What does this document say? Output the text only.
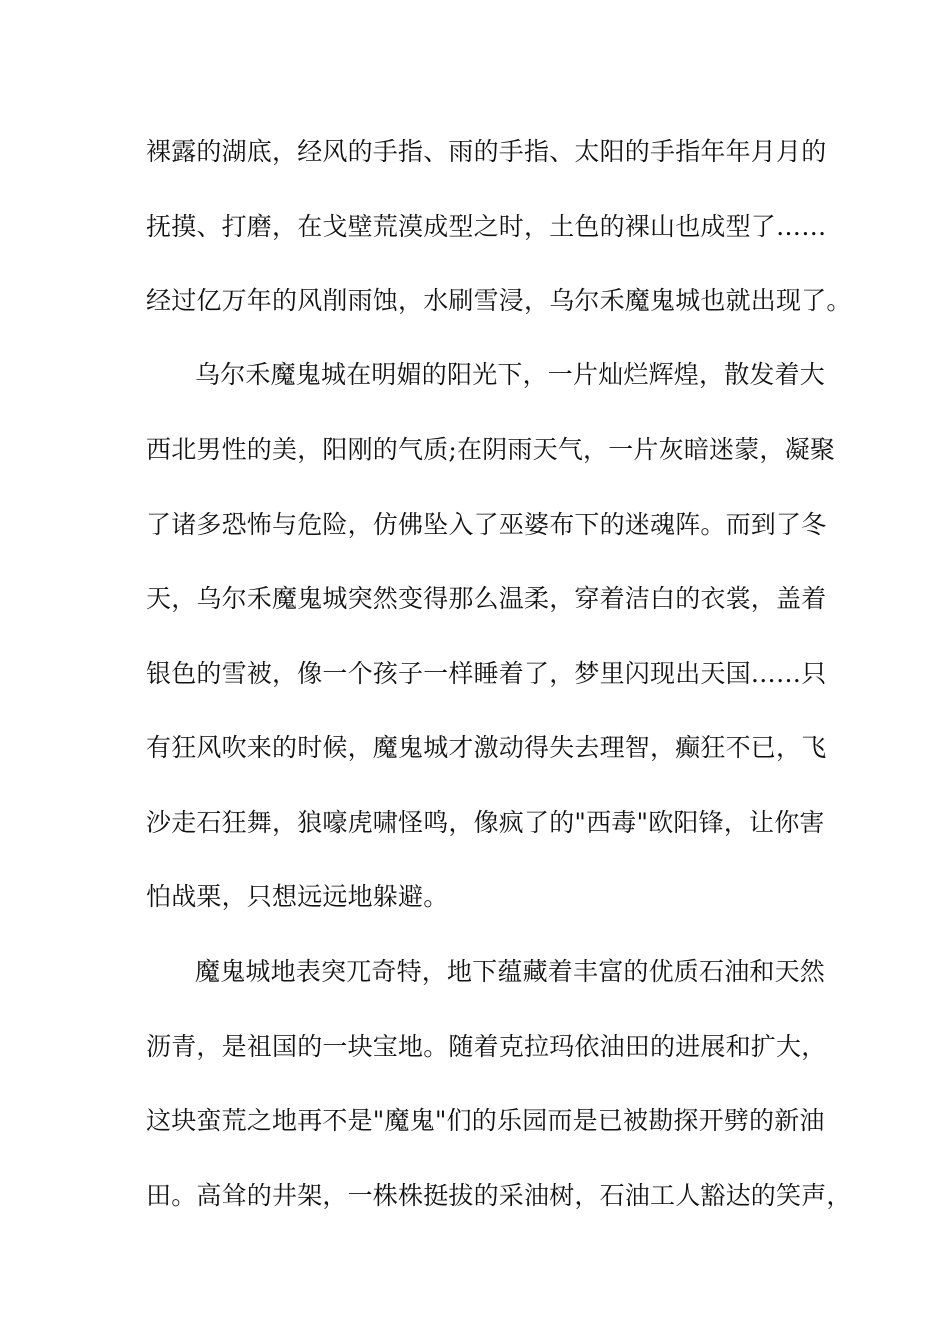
裸露的湖底，经风的手指、雨的手指、太阳的手指年年月月的

抚摸、打磨，在戈壁荒漠成型之时，土色的裸山也成型了……

经过亿万年的风削雨蚀，水刷雪浸，乌尔禾魔鬼城也就出现了。

乌尔禾魔鬼城在明媚的阳光下，一片灿烂辉煌，散发着大

西北男性的美，阳刚的气质;在阴雨天气，一片灰暗迷蒙，凝聚

了诸多恐怖与危险，仿佛坠入了巫婆布下的迷魂阵。而到了冬

天，乌尔禾魔鬼城突然变得那么温柔，穿着洁白的衣裳，盖着

银色的雪被，像一个孩子一样睡着了，梦里闪现出天国……只

有狂风吹来的时候，魔鬼城才激动得失去理智，癫狂不已，飞

沙走石狂舞，狼嚎虎啸怪鸣，像疯了的"西毒"欧阳锋，让你害

怕战栗，只想远远地躲避。

魔鬼城地表突兀奇特，地下蕴藏着丰富的优质石油和天然

沥青，是祖国的一块宝地。随着克拉玛依油田的进展和扩大，

这块蛮荒之地再不是"魔鬼"们的乐园而是已被勘探开劈的新油

田。高耸的井架，一株株挺拔的采油树，石油工人豁达的笑声，
